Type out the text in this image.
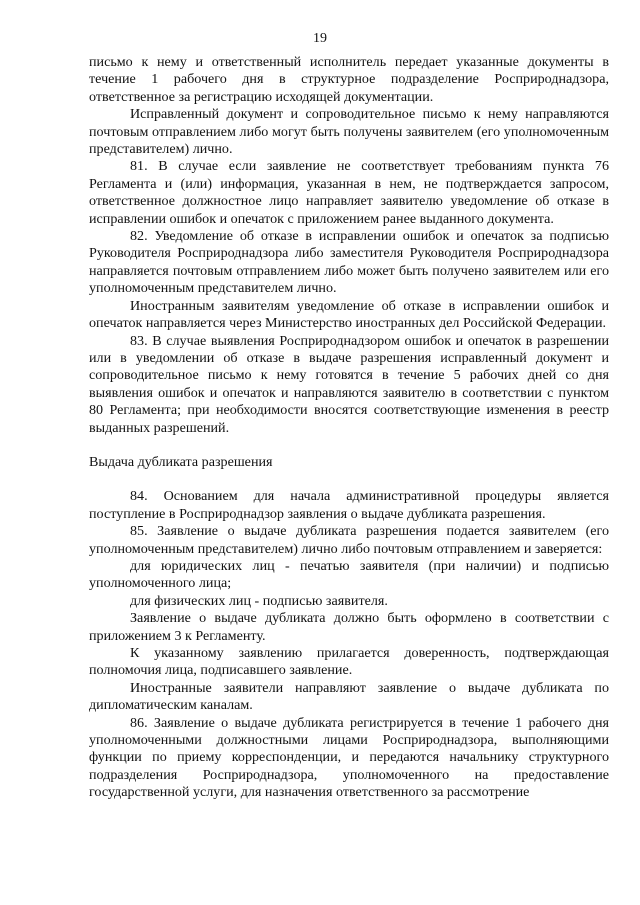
19

письмо к нему и ответственный исполнитель передает указанные документы в течение 1 рабочего дня в структурное подразделение Росприроднадзора, ответственное за регистрацию исходящей документации.

Исправленный документ и сопроводительное письмо к нему направляются почтовым отправлением либо могут быть получены заявителем (его уполномоченным представителем) лично.

81. В случае если заявление не соответствует требованиям пункта 76 Регламента и (или) информация, указанная в нем, не подтверждается запросом, ответственное должностное лицо направляет заявителю уведомление об отказе в исправлении ошибок и опечаток с приложением ранее выданного документа.

82. Уведомление об отказе в исправлении ошибок и опечаток за подписью Руководителя Росприроднадзора либо заместителя Руководителя Росприроднадзора направляется почтовым отправлением либо может быть получено заявителем или его уполномоченным представителем лично.

Иностранным заявителям уведомление об отказе в исправлении ошибок и опечаток направляется через Министерство иностранных дел Российской Федерации.

83. В случае выявления Росприроднадзором ошибок и опечаток в разрешении или в уведомлении об отказе в выдаче разрешения исправленный документ и сопроводительное письмо к нему готовятся в течение 5 рабочих дней со дня выявления ошибок и опечаток и направляются заявителю в соответствии с пунктом 80 Регламента; при необходимости вносятся соответствующие изменения в реестр выданных разрешений.

Выдача дубликата разрешения

84. Основанием для начала административной процедуры является поступление в Росприроднадзор заявления о выдаче дубликата разрешения.

85. Заявление о выдаче дубликата разрешения подается заявителем (его уполномоченным представителем) лично либо почтовым отправлением и заверяется:

для юридических лиц - печатью заявителя (при наличии) и подписью уполномоченного лица;

для физических лиц - подписью заявителя.

Заявление о выдаче дубликата должно быть оформлено в соответствии с приложением 3 к Регламенту.

К указанному заявлению прилагается доверенность, подтверждающая полномочия лица, подписавшего заявление.

Иностранные заявители направляют заявление о выдаче дубликата по дипломатическим каналам.

86. Заявление о выдаче дубликата регистрируется в течение 1 рабочего дня уполномоченными должностными лицами Росприроднадзора, выполняющими функции по приему корреспонденции, и передаются начальнику структурного подразделения Росприроднадзора, уполномоченного на предоставление государственной услуги, для назначения ответственного за рассмотрение
